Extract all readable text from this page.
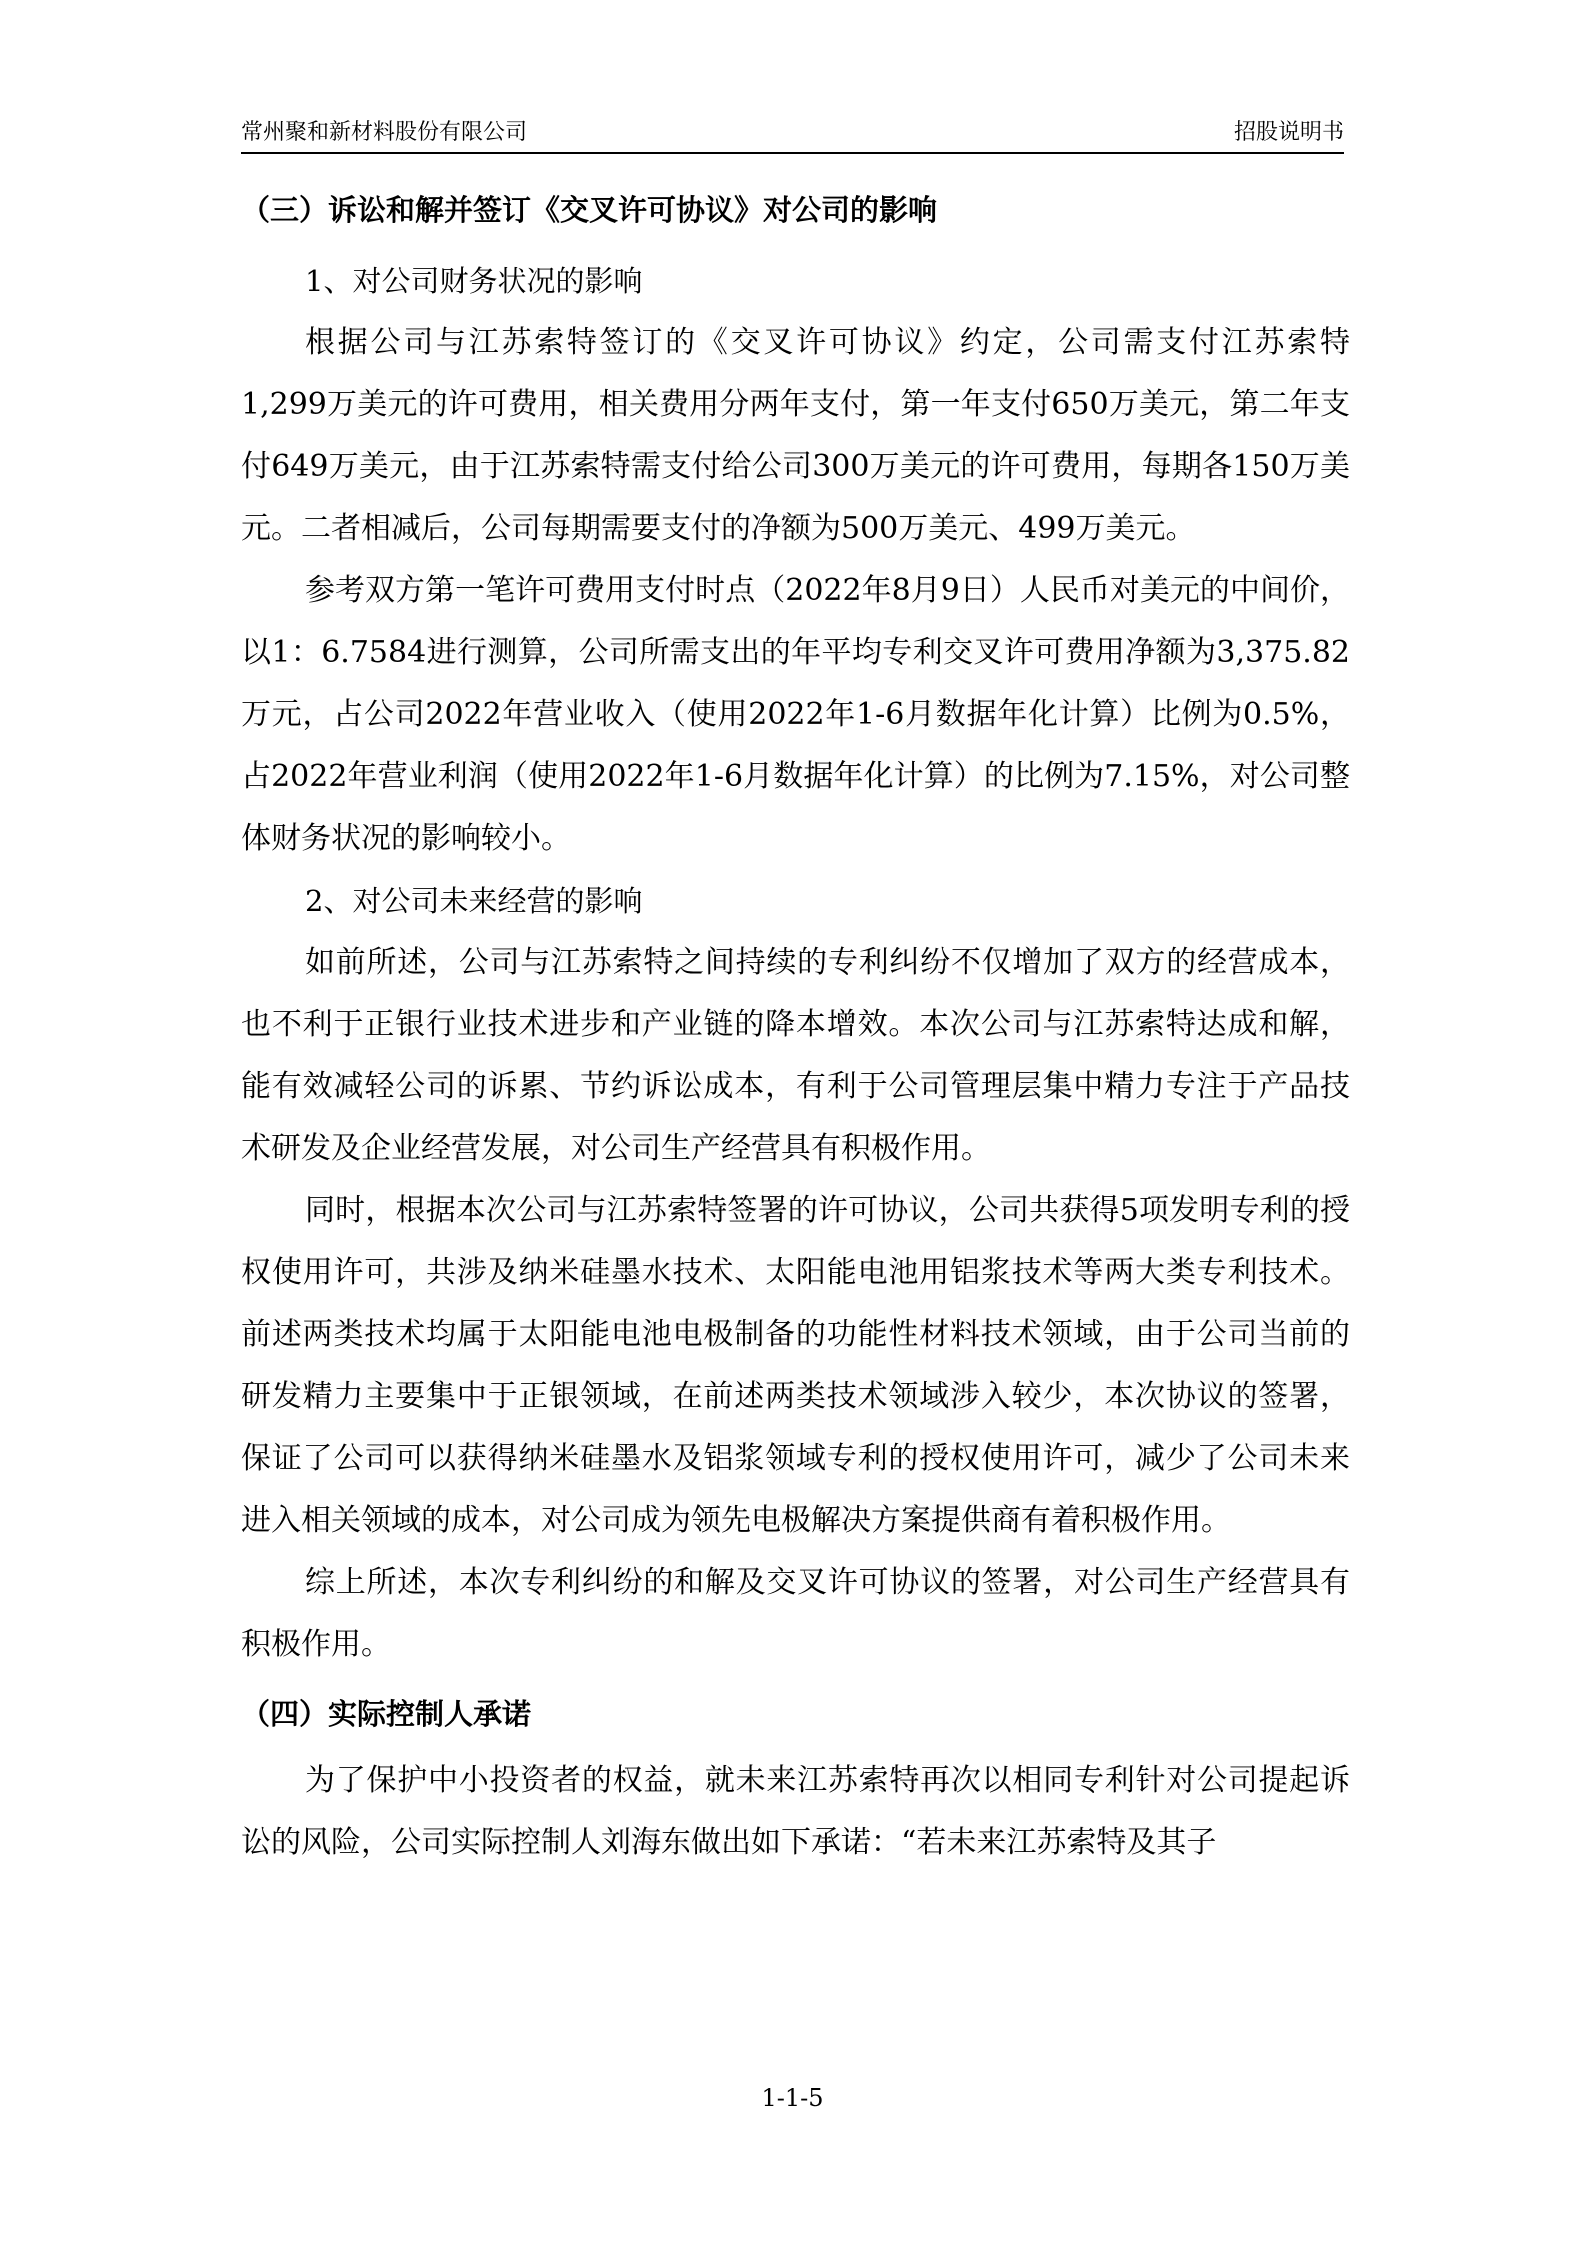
常州聚和新材料股份有限公司	招股说明书
（三）诉讼和解并签订《交叉许可协议》对公司的影响

1、对公司财务状况的影响

根据公司与江苏索特签订的《交叉许可协议》约定，公司需支付江苏索特1,299万美元的许可费用，相关费用分两年支付，第一年支付650万美元，第二年支付649万美元，由于江苏索特需支付给公司300万美元的许可费用，每期各150万美元。二者相减后，公司每期需要支付的净额为500万美元、499万美元。

参考双方第一笔许可费用支付时点（2022年8月9日）人民币对美元的中间价，以1：6.7584进行测算，公司所需支出的年平均专利交叉许可费用净额为3,375.82万元，占公司2022年营业收入（使用2022年1-6月数据年化计算）比例为0.5%，占2022年营业利润（使用2022年1-6月数据年化计算）的比例为7.15%，对公司整体财务状况的影响较小。

2、对公司未来经营的影响

如前所述，公司与江苏索特之间持续的专利纠纷不仅增加了双方的经营成本，也不利于正银行业技术进步和产业链的降本增效。本次公司与江苏索特达成和解，能有效减轻公司的诉累、节约诉讼成本，有利于公司管理层集中精力专注于产品技术研发及企业经营发展，对公司生产经营具有积极作用。

同时，根据本次公司与江苏索特签署的许可协议，公司共获得5项发明专利的授权使用许可，共涉及纳米硅墨水技术、太阳能电池用铝浆技术等两大类专利技术。前述两类技术均属于太阳能电池电极制备的功能性材料技术领域，由于公司当前的研发精力主要集中于正银领域，在前述两类技术领域涉入较少，本次协议的签署，保证了公司可以获得纳米硅墨水及铝浆领域专利的授权使用许可，减少了公司未来进入相关领域的成本，对公司成为领先电极解决方案提供商有着积极作用。

综上所述，本次专利纠纷的和解及交叉许可协议的签署，对公司生产经营具有积极作用。

（四）实际控制人承诺

为了保护中小投资者的权益，就未来江苏索特再次以相同专利针对公司提起诉讼的风险，公司实际控制人刘海东做出如下承诺：“若未来江苏索特及其子

1-1-5
